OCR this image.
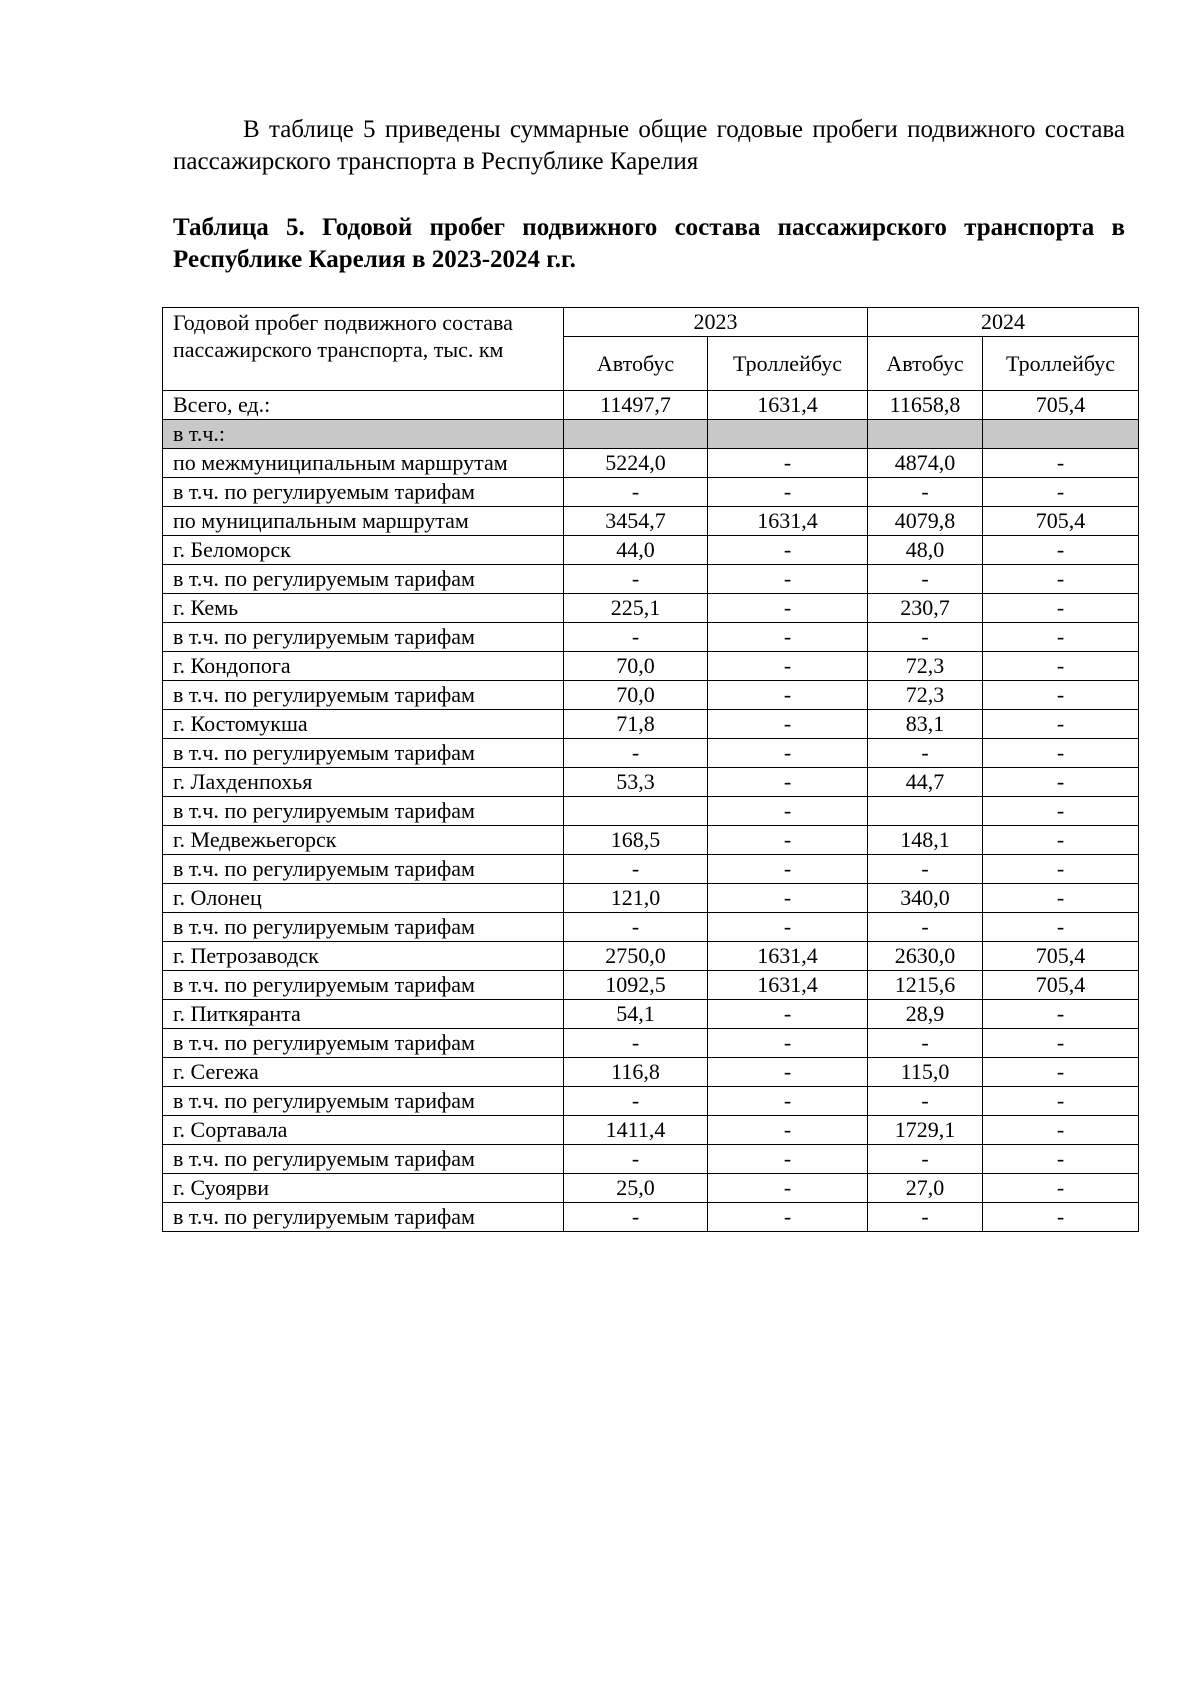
В таблице 5 приведены суммарные общие годовые пробеги подвижного состава пассажирского транспорта в Республике Карелия

Таблица 5. Годовой пробег подвижного состава пассажирского транспорта в Республике Карелия в 2023-2024 г.г.

Годовой пробег подвижного состава пассажирского транспорта, тыс. км	2023		2024	
	Автобус	Троллейбус	Автобус	Троллейбус
Всего, ед.:	11497,7	1631,4	11658,8	705,4
в т.ч.:				
по межмуниципальным маршрутам	5224,0	-	4874,0	-
в т.ч. по регулируемым тарифам	-	-	-	-
по муниципальным маршрутам	3454,7	1631,4	4079,8	705,4
г. Беломорск	44,0	-	48,0	-
в т.ч. по регулируемым тарифам	-	-	-	-
г. Кемь	225,1	-	230,7	-
в т.ч. по регулируемым тарифам	-	-	-	-
г. Кондопога	70,0	-	72,3	-
в т.ч. по регулируемым тарифам	70,0	-	72,3	-
г. Костомукша	71,8	-	83,1	-
в т.ч. по регулируемым тарифам	-	-	-	-
г. Лахденпохья	53,3	-	44,7	-
в т.ч. по регулируемым тарифам		-		-
г. Медвежьегорск	168,5	-	148,1	-
в т.ч. по регулируемым тарифам	-	-	-	-
г. Олонец	121,0	-	340,0	-
в т.ч. по регулируемым тарифам	-	-	-	-
г. Петрозаводск	2750,0	1631,4	2630,0	705,4
в т.ч. по регулируемым тарифам	1092,5	1631,4	1215,6	705,4
г. Питкяранта	54,1	-	28,9	-
в т.ч. по регулируемым тарифам	-	-	-	-
г. Сегежа	116,8	-	115,0	-
в т.ч. по регулируемым тарифам	-	-	-	-
г. Сортавала	1411,4	-	1729,1	-
в т.ч. по регулируемым тарифам	-	-	-	-
г. Суоярви	25,0	-	27,0	-
в т.ч. по регулируемым тарифам	-	-	-	-
